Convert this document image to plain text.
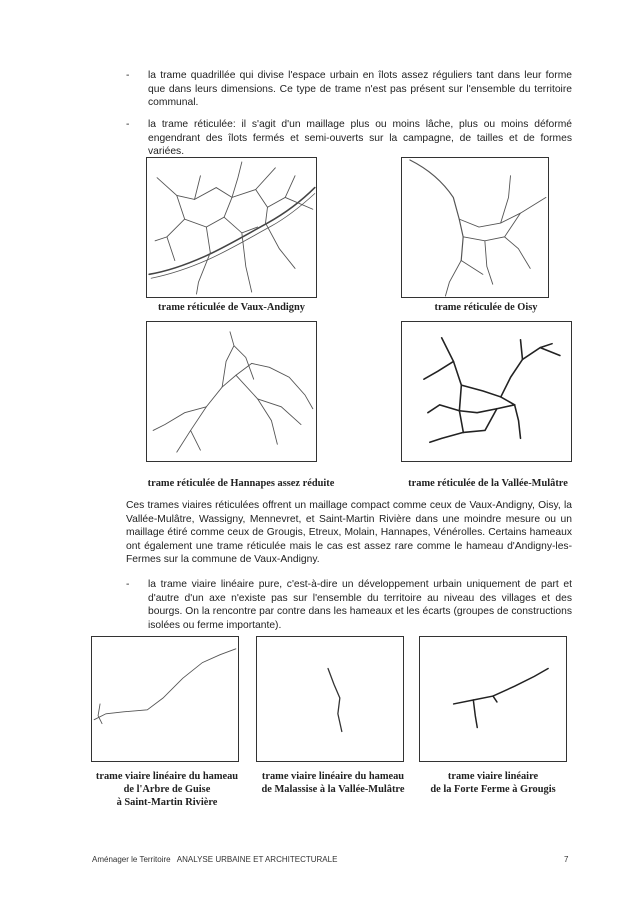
- la trame quadrillée qui divise l'espace urbain en îlots assez réguliers tant dans leur forme que dans leurs dimensions. Ce type de trame n'est pas présent sur l'ensemble du territoire communal.
- la trame réticulée: il s'agit d'un maillage plus ou moins lâche, plus ou moins déformé engendrant des îlots fermés et semi-ouverts sur la campagne, de tailles et de formes variées.
trame réticulée de Vaux-Andigny	trame réticulée de Oisy
trame réticulée de Hannapes assez réduite	trame réticulée de la Vallée-Mulâtre
Ces trames viaires réticulées offrent un maillage compact comme ceux de Vaux-Andigny, Oisy, la Vallée-Mulâtre, Wassigny, Mennevret, et Saint-Martin Rivière dans une moindre mesure ou un maillage étiré comme ceux de Grougis, Etreux, Molain, Hannapes, Vénérolles. Certains hameaux ont également une trame réticulée mais le cas est assez rare comme le hameau d'Andigny-les-Fermes sur la commune de Vaux-Andigny.
- la trame viaire linéaire pure, c'est-à-dire un développement urbain uniquement de part et d'autre d'un axe n'existe pas sur l'ensemble du territoire au niveau des villages et des bourgs. On la rencontre par contre dans les hameaux et les écarts (groupes de constructions isolées ou ferme importante).
trame viaire linéaire du hameau
de l'Arbre de Guise
à Saint-Martin Rivière
trame viaire linéaire du hameau
de Malassise à la Vallée-Mulâtre
trame viaire linéaire
de la Forte Ferme à Grougis
Aménager le Territoire   ANALYSE URBAINE ET ARCHITECTURALE	7
